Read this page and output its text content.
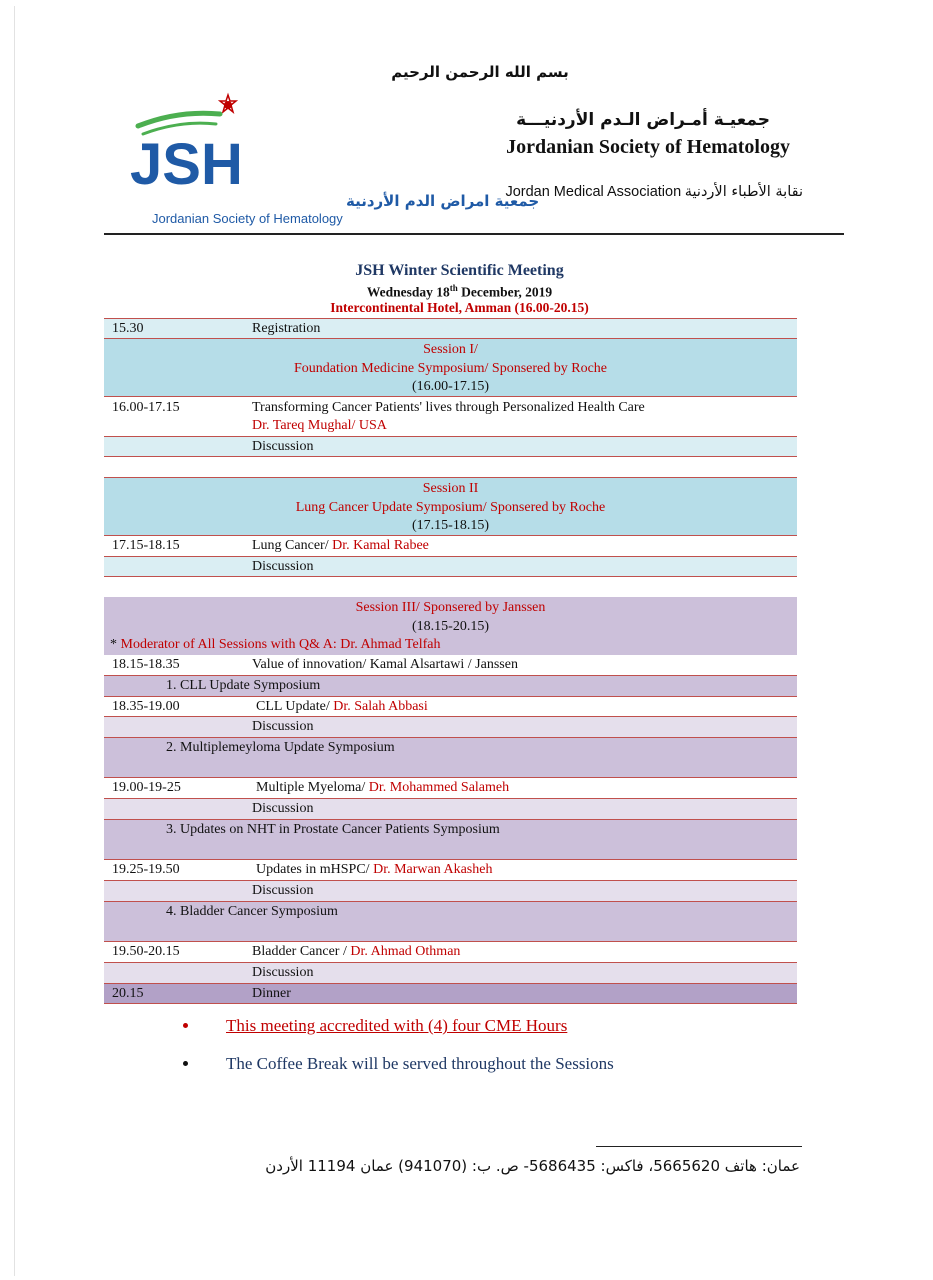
بسم الله الرحمن الرحيم
JSH
جمعية امراض الدم الأردنية
Jordanian Society of Hematology
جمعيـة أمـراض الـدم الأردنيـــة
Jordanian Society of Hematology
Jordan Medical Association نقابة الأطباء الأردنية
JSH Winter Scientific Meeting
Wednesday 18th December, 2019
Intercontinental Hotel, Amman (16.00-20.15)
15.30	Registration
Session I/
Foundation Medicine Symposium/ Sponsered by Roche
(16.00-17.15)
16.00-17.15	Transforming Cancer Patients' lives through Personalized Health Care
Dr. Tareq Mughal/ USA
Discussion
Session II
Lung Cancer Update Symposium/ Sponsered by Roche
(17.15-18.15)
17.15-18.15	Lung Cancer/ Dr. Kamal Rabee
Discussion
Session III/ Sponsered by Janssen
(18.15-20.15)
* Moderator of All Sessions with Q& A: Dr. Ahmad Telfah
18.15-18.35	Value of innovation/ Kamal Alsartawi / Janssen
1. CLL Update Symposium
18.35-19.00	CLL Update/ Dr. Salah Abbasi
Discussion
2. Multiplemeyloma Update Symposium
19.00-19-25	Multiple Myeloma/ Dr. Mohammed Salameh
Discussion
3. Updates on NHT in Prostate Cancer Patients Symposium
19.25-19.50	Updates in mHSPC/ Dr. Marwan Akasheh
Discussion
4. Bladder Cancer Symposium
19.50-20.15	Bladder Cancer / Dr. Ahmad Othman
Discussion
20.15	Dinner
This meeting accredited with (4) four CME Hours
The Coffee Break will be served throughout the Sessions
عمان: هاتف 5665620، فاكس: 5686435- ص. ب: (941070) عمان 11194 الأردن
